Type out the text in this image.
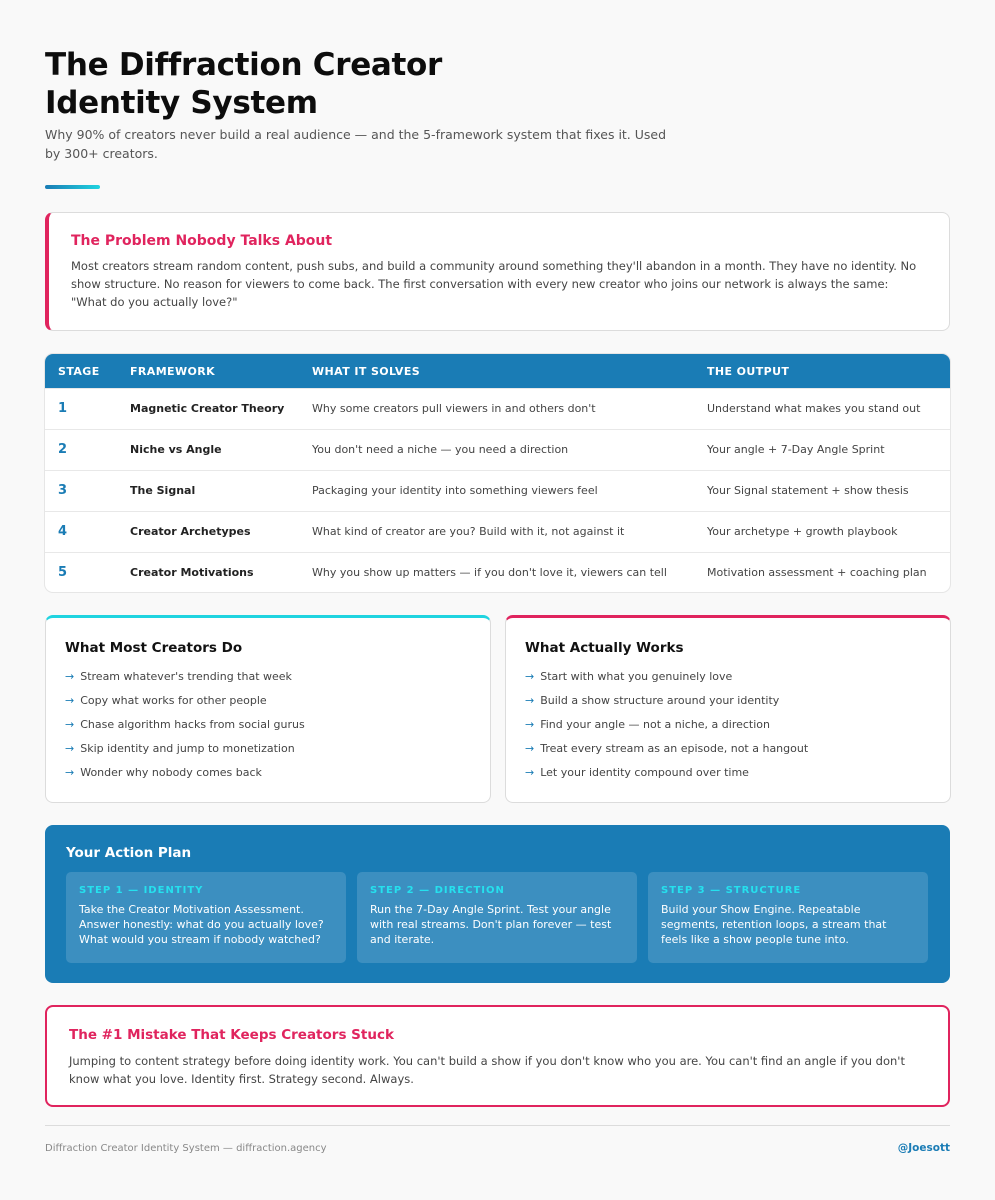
The Diffraction Creator Identity System

Why 90% of creators never build a real audience — and the 5-framework system that fixes it. Used by 300+ creators.

The Problem Nobody Talks About

Most creators stream random content, push subs, and build a community around something they'll abandon in a month. They have no identity. No show structure. No reason for viewers to come back. The first conversation with every new creator who joins our network is always the same: "What do you actually love?"

STAGE	FRAMEWORK	WHAT IT SOLVES	THE OUTPUT
1	Magnetic Creator Theory	Why some creators pull viewers in and others don't	Understand what makes you stand out
2	Niche vs Angle	You don't need a niche — you need a direction	Your angle + 7-Day Angle Sprint
3	The Signal	Packaging your identity into something viewers feel	Your Signal statement + show thesis
4	Creator Archetypes	What kind of creator are you? Build with it, not against it	Your archetype + growth playbook
5	Creator Motivations	Why you show up matters — if you don't love it, viewers can tell	Motivation assessment + coaching plan
What Most Creators Do
→ Stream whatever's trending that week
→ Copy what works for other people
→ Chase algorithm hacks from social gurus
→ Skip identity and jump to monetization
→ Wonder why nobody comes back
What Actually Works
→ Start with what you genuinely love
→ Build a show structure around your identity
→ Find your angle — not a niche, a direction
→ Treat every stream as an episode, not a hangout
→ Let your identity compound over time
Your Action Plan
STEP 1 — IDENTITY
Take the Creator Motivation Assessment. Answer honestly: what do you actually love? What would you stream if nobody watched?
STEP 2 — DIRECTION
Run the 7-Day Angle Sprint. Test your angle with real streams. Don't plan forever — test and iterate.
STEP 3 — STRUCTURE
Build your Show Engine. Repeatable segments, retention loops, a stream that feels like a show people tune into.
The #1 Mistake That Keeps Creators Stuck

Jumping to content strategy before doing identity work. You can't build a show if you don't know who you are. You can't find an angle if you don't know what you love. Identity first. Strategy second. Always.

Diffraction Creator Identity System — diffraction.agency	@Joesott
